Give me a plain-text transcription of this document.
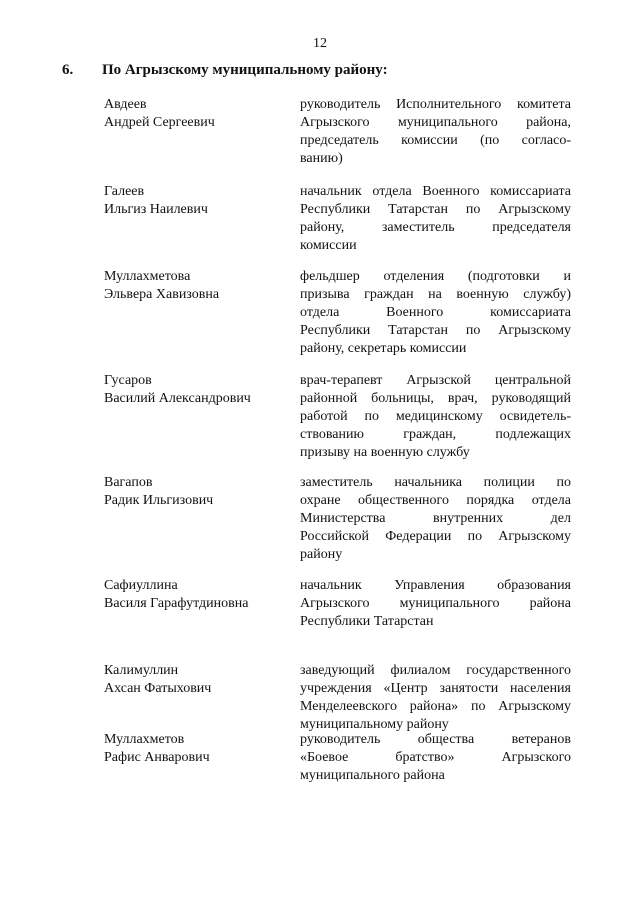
12
6. По Агрызскому муниципальному району:
Авдеев
Андрей Сергеевич
руководитель Исполнительного комитета
Агрызского муниципального района,
председатель комиссии (по согласо-
ванию)
Галеев
Ильгиз Наилевич
начальник отдела Военного комиссариата
Республики Татарстан по Агрызскому
району, заместитель председателя
комиссии
Муллахметова
Эльвера Хавизовна
фельдшер отделения (подготовки и
призыва граждан на военную службу)
отдела Военного комиссариата
Республики Татарстан по Агрызскому
району, секретарь комиссии
Гусаров
Василий Александрович
врач-терапевт Агрызской центральной
районной больницы, врач, руководящий
работой по медицинскому освидетель-
ствованию граждан, подлежащих
призыву на военную службу
Вагапов
Радик Ильгизович
заместитель начальника полиции по
охране общественного порядка отдела
Министерства внутренних дел
Российской Федерации по Агрызскому
району
Сафиуллина
Василя Гарафутдиновна
начальник Управления образования
Агрызского муниципального района
Республики Татарстан
Калимуллин
Ахсан Фатыхович
заведующий филиалом государственного
учреждения «Центр занятости населения
Менделеевского района» по Агрызскому
муниципальному району
Муллахметов
Рафис Анварович
руководитель общества ветеранов
«Боевое братство» Агрызского
муниципального района
